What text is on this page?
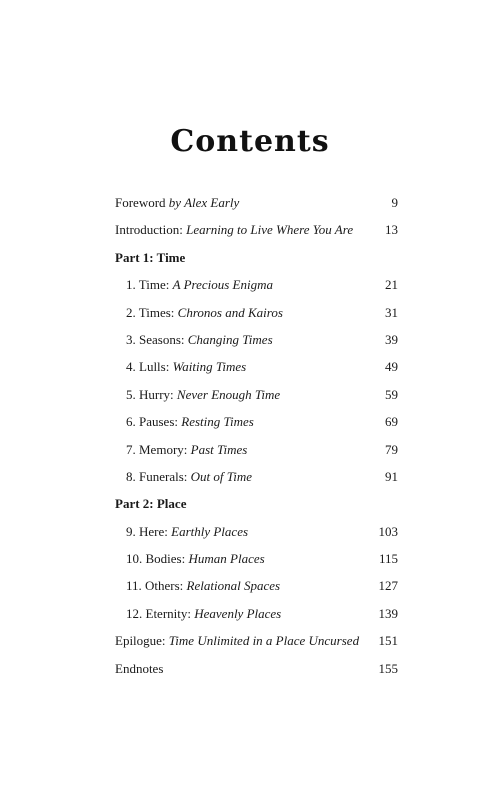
Contents
Foreword by Alex Early	9
Introduction: Learning to Live Where You Are 13
Part 1: Time
1. Time: A Precious Enigma	21
2. Times: Chronos and Kairos	31
3. Seasons: Changing Times	39
4. Lulls: Waiting Times	49
5. Hurry: Never Enough Time	59
6. Pauses: Resting Times	69
7. Memory: Past Times	79
8. Funerals: Out of Time	91
Part 2: Place
9. Here: Earthly Places	103
10. Bodies: Human Places	115
11. Others: Relational Spaces	127
12. Eternity: Heavenly Places	139
Epilogue: Time Unlimited in a Place Uncursed 151
Endnotes	155
